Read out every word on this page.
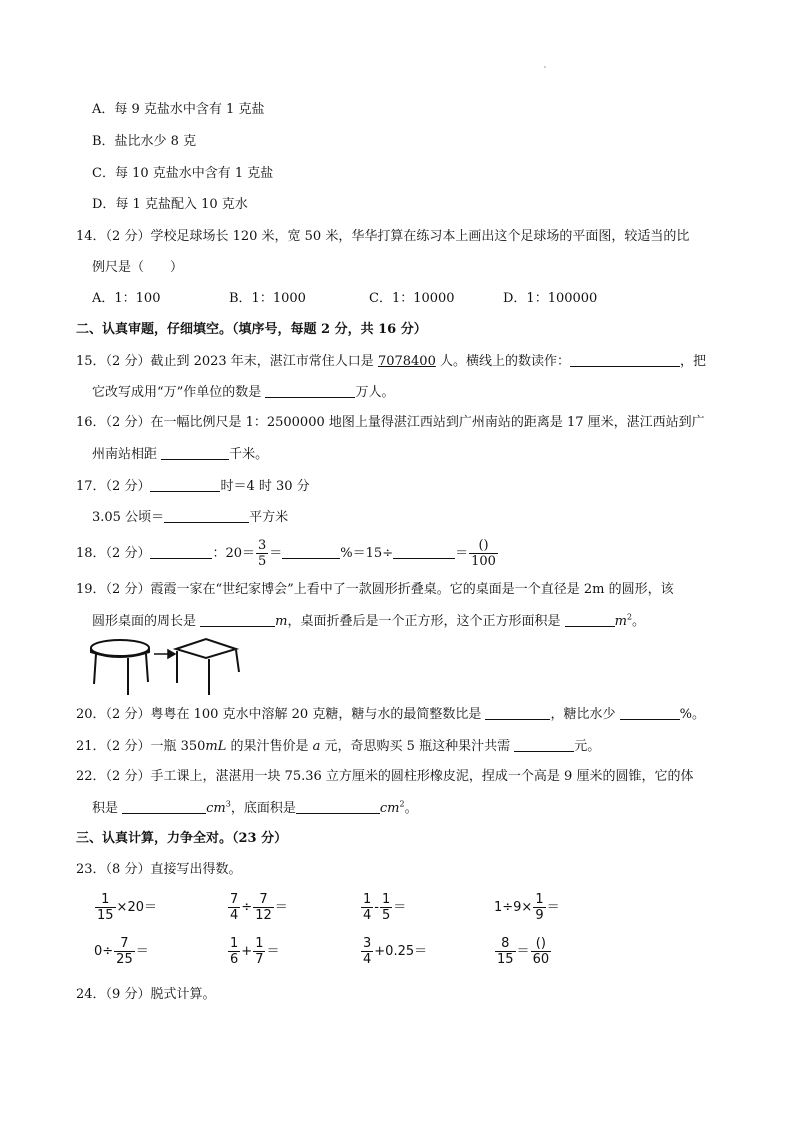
A．每 9 克盐水中含有 1 克盐
B．盐比水少 8 克
C．每 10 克盐水中含有 1 克盐
D．每 1 克盐配入 10 克水
14．（2 分）学校足球场长 120 米，宽 50 米，华华打算在练习本上画出这个足球场的平面图，较适当的比
例尺是（　　）
A．1：100	B．1：1000	C．1：10000	D．1：100000
二、认真审题，仔细填空。（填序号，每题 2 分，共 16 分）
15．（2 分）截止到 2023 年末，湛江市常住人口是 7078400 人。横线上的数读作：	，把
它改写成用“万”作单位的数是	万人。
16．（2 分）在一幅比例尺是 1：2500000 地图上量得湛江西站到广州南站的距离是 17 厘米，湛江西站到广
州南站相距	千米。
17．（2 分）	时＝4 时 30 分
3.05 公顷＝	平方米
18．（2 分）	：$20= \frac{3}{5}$ ＝	%＝15÷	＝ $\frac{()}{100}$
19．（2 分）霞霞一家在“世纪家博会”上看中了一款圆形折叠桌。它的桌面是一个直径是 2m 的圆形，该
圆形桌面的周长是	m，桌面折叠后是一个正方形，这个正方形面积是	$m^2$。
20．（2 分）粤粤在 100 克水中溶解 20 克糖，糖与水的最简整数比是	，糖比水少	%。
21．（2 分）一瓶 350mL 的果汁售价是 a 元，奇思购买 5 瓶这种果汁共需	元。
22．（2 分）手工课上，湛湛用一块 75.36 立方厘米的圆柱形橡皮泥，捏成一个高是 9 厘米的圆锥，它的体
积是	$cm^3$，底面积是	$cm^2$。
三、认真计算，力争全对。（23 分）
23．（8 分）直接写出得数。
$\frac{1}{15} \times 20=$	$\frac{7}{4} \div \frac{7}{12}$ ＝	$\frac{1}{4} - \frac{1}{5}$ ＝	$1\div 9\times \frac{1}{9}$ ＝
$0\div \frac{7}{25}$ ＝	$\frac{1}{6} + \frac{1}{7}$ ＝	$\frac{3}{4} +0.25=$	$\frac{8}{15} = \frac{()}{60}$
24．（9 分）脱式计算。
